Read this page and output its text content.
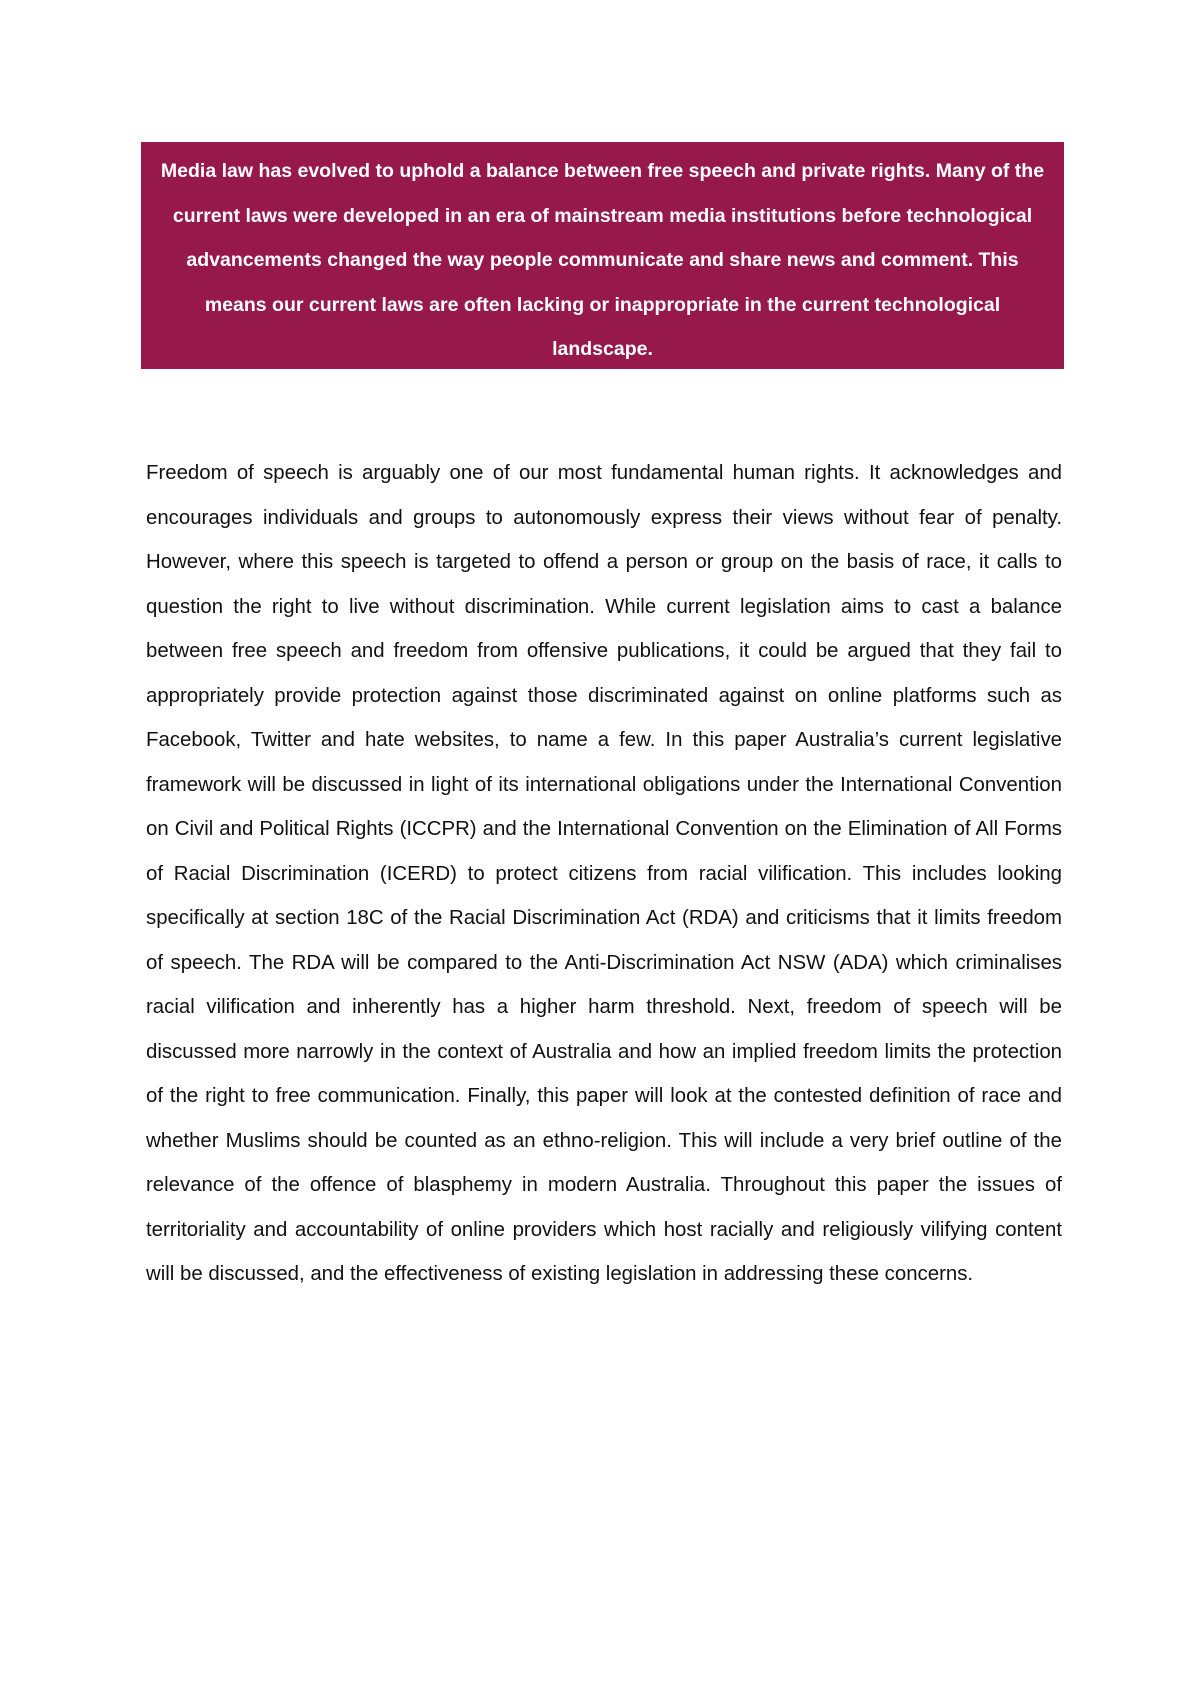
Media law has evolved to uphold a balance between free speech and private rights. Many of the current laws were developed in an era of mainstream media institutions before technological advancements changed the way people communicate and share news and comment. This means our current laws are often lacking or inappropriate in the current technological landscape.

Freedom of speech is arguably one of our most fundamental human rights. It acknowledges and encourages individuals and groups to autonomously express their views without fear of penalty. However, where this speech is targeted to offend a person or group on the basis of race, it calls to question the right to live without discrimination. While current legislation aims to cast a balance between free speech and freedom from offensive publications, it could be argued that they fail to appropriately provide protection against those discriminated against on online platforms such as Facebook, Twitter and hate websites, to name a few. In this paper Australia’s current legislative framework will be discussed in light of its international obligations under the International Convention on Civil and Political Rights (ICCPR) and the International Convention on the Elimination of All Forms of Racial Discrimination (ICERD) to protect citizens from racial vilification. This includes looking specifically at section 18C of the Racial Discrimination Act (RDA) and criticisms that it limits freedom of speech. The RDA will be compared to the Anti-Discrimination Act NSW (ADA) which criminalises racial vilification and inherently has a higher harm threshold. Next, freedom of speech will be discussed more narrowly in the context of Australia and how an implied freedom limits the protection of the right to free communication. Finally, this paper will look at the contested definition of race and whether Muslims should be counted as an ethno-religion. This will include a very brief outline of the relevance of the offence of blasphemy in modern Australia. Throughout this paper the issues of territoriality and accountability of online providers which host racially and religiously vilifying content will be discussed, and the effectiveness of existing legislation in addressing these concerns.
